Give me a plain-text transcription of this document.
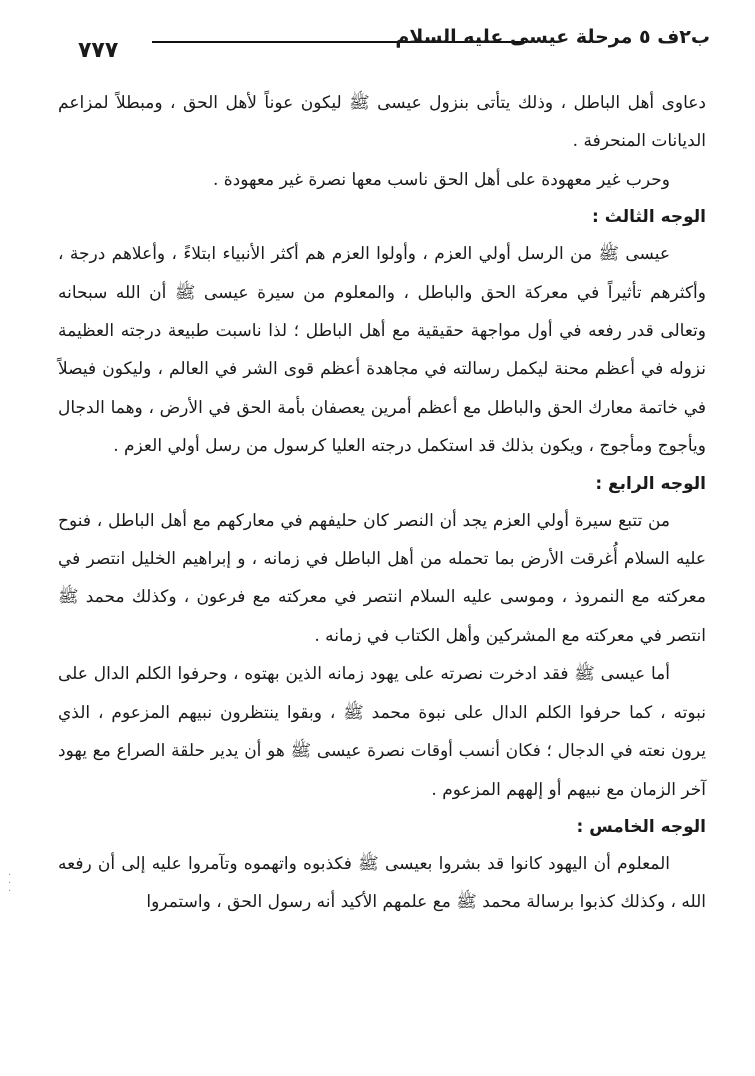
٧٧٧
ب٢ف ٥ مرحلة عيسى عليه السلام

دعاوى أهل الباطل ، وذلك يتأتى بنزول عيسى ﷺ ليكون عوناً لأهل الحق ، ومبطلاً لمزاعم الديانات المنحرفة .

وحرب غير معهودة على أهل الحق ناسب معها نصرة غير معهودة .

الوجه الثالث :

عيسى ﷺ من الرسل أولي العزم ، وأولوا العزم هم أكثر الأنبياء ابتلاءً ، وأعلاهم درجة ، وأكثرهم تأثيراً في معركة الحق والباطل ، والمعلوم من سيرة عيسى ﷺ أن الله سبحانه وتعالى قدر رفعه في أول مواجهة حقيقية مع أهل الباطل ؛ لذا ناسبت طبيعة درجته العظيمة نزوله في أعظم محنة ليكمل رسالته في مجاهدة أعظم قوى الشر في العالم ، وليكون فيصلاً في خاتمة معارك الحق والباطل مع أعظم أمرين يعصفان بأمة الحق في الأرض ، وهما الدجال ويأجوج ومأجوج ، ويكون بذلك قد استكمل درجته العليا كرسول من رسل أولي العزم .

الوجه الرابع :

من تتبع سيرة أولي العزم يجد أن النصر كان حليفهم في معاركهم مع أهل الباطل ، فنوح عليه السلام أُغرقت الأرض بما تحمله من أهل الباطل في زمانه ، و إبراهيم الخليل انتصر في معركته مع النمروذ ، وموسى عليه السلام انتصر في معركته مع فرعون ، وكذلك محمد ﷺ انتصر في معركته مع المشركين وأهل الكتاب في زمانه .

أما عيسى ﷺ فقد ادخرت نصرته على يهود زمانه الذين بهتوه ، وحرفوا الكلم الدال على نبوته ، كما حرفوا الكلم الدال على نبوة محمد ﷺ ، وبقوا ينتظرون نبيهم المزعوم ، الذي يرون نعته في الدجال ؛ فكان أنسب أوقات نصرة عيسى ﷺ هو أن يدير حلقة الصراع مع يهود آخر الزمان مع نبيهم أو إلههم المزعوم .

الوجه الخامس :

المعلوم أن اليهود كانوا قد بشروا بعيسى ﷺ فكذبوه واتهموه وتآمروا عليه إلى أن رفعه الله ، وكذلك كذبوا برسالة محمد ﷺ مع علمهم الأكيد أنه رسول الحق ، واستمروا

·
·
·
